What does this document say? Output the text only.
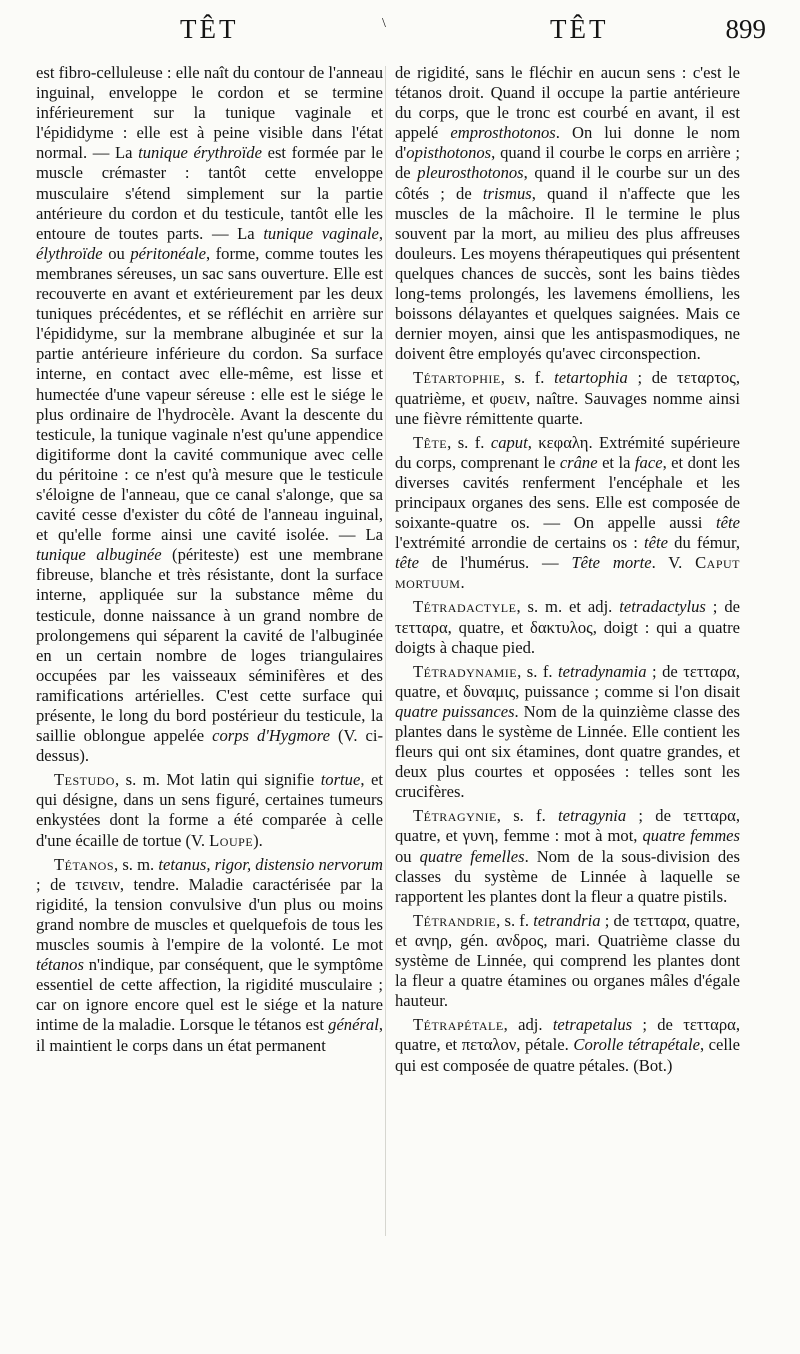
TÊT	\	TÊT	899

est fibro-celluleuse : elle naît du contour de l'anneau inguinal, enveloppe le cordon et se termine inférieurement sur la tunique vaginale et l'épididyme : elle est à peine visible dans l'état normal. — La tunique érythroïde est formée par le muscle crémaster : tantôt cette enveloppe musculaire s'étend simplement sur la partie antérieure du cordon et du testicule, tantôt elle les entoure de toutes parts. — La tunique vaginale, élythroïde ou péritonéale, forme, comme toutes les membranes séreuses, un sac sans ouverture. Elle est recouverte en avant et extérieurement par les deux tuniques précédentes, et se réfléchit en arrière sur l'épididyme, sur la membrane albuginée et sur la partie antérieure inférieure du cordon. Sa surface interne, en contact avec elle-même, est lisse et humectée d'une vapeur séreuse : elle est le siége le plus ordinaire de l'hydrocèle. Avant la descente du testicule, la tunique vaginale n'est qu'une appendice digitiforme dont la cavité communique avec celle du péritoine : ce n'est qu'à mesure que le testicule s'éloigne de l'anneau, que ce canal s'alonge, que sa cavité cesse d'exister du côté de l'anneau inguinal, et qu'elle forme ainsi une cavité isolée. — La tunique albuginée (périteste) est une membrane fibreuse, blanche et très résistante, dont la surface interne, appliquée sur la substance même du testicule, donne naissance à un grand nombre de prolongemens qui séparent la cavité de l'albuginée en un certain nombre de loges triangulaires occupées par les vaisseaux séminifères et des ramifications artérielles. C'est cette surface qui présente, le long du bord postérieur du testicule, la saillie oblongue appelée corps d'Hygmore (V. ci-dessus).

Testudo, s. m. Mot latin qui signifie tortue, et qui désigne, dans un sens figuré, certaines tumeurs enkystées dont la forme a été comparée à celle d'une écaille de tortue (V. Loupe).

Tétanos, s. m. tetanus, rigor, distensio nervorum ; de τεινειν, tendre. Maladie caractérisée par la rigidité, la tension convulsive d'un plus ou moins grand nombre de muscles et quelquefois de tous les muscles soumis à l'empire de la volonté. Le mot tétanos n'indique, par conséquent, que le symptôme essentiel de cette affection, la rigidité musculaire ; car on ignore encore quel est le siége et la nature intime de la maladie. Lorsque le tétanos est général, il maintient le corps dans un état permanent

de rigidité, sans le fléchir en aucun sens : c'est le tétanos droit. Quand il occupe la partie antérieure du corps, que le tronc est courbé en avant, il est appelé emprosthotonos. On lui donne le nom d'opisthotonos, quand il courbe le corps en arrière ; de pleurosthotonos, quand il le courbe sur un des côtés ; de trismus, quand il n'affecte que les muscles de la mâchoire. Il le termine le plus souvent par la mort, au milieu des plus affreuses douleurs. Les moyens thérapeutiques qui présentent quelques chances de succès, sont les bains tièdes long-tems prolongés, les lavemens émolliens, les boissons délayantes et quelques saignées. Mais ce dernier moyen, ainsi que les antispasmodiques, ne doivent être employés qu'avec circonspection.

Tétartophie, s. f. tetartophia ; de τεταρτος, quatrième, et φυειν, naître. Sauvages nomme ainsi une fièvre rémittente quarte.

Tête, s. f. caput, κεφαλη. Extrémité supérieure du corps, comprenant le crâne et la face, et dont les diverses cavités renferment l'encéphale et les principaux organes des sens. Elle est composée de soixante-quatre os. — On appelle aussi tête l'extrémité arrondie de certains os : tête du fémur, tête de l'humérus. — Tête morte. V. Caput mortuum.

Tétradactyle, s. m. et adj. tetradactylus ; de τετταρα, quatre, et δακτυλος, doigt : qui a quatre doigts à chaque pied.

Tétradynamie, s. f. tetradynamia ; de τετταρα, quatre, et δυναμις, puissance ; comme si l'on disait quatre puissances. Nom de la quinzième classe des plantes dans le système de Linnée. Elle contient les fleurs qui ont six étamines, dont quatre grandes, et deux plus courtes et opposées : telles sont les crucifères.

Tétragynie, s. f. tetragynia ; de τετταρα, quatre, et γυνη, femme : mot à mot, quatre femmes ou quatre femelles. Nom de la sous-division des classes du système de Linnée à laquelle se rapportent les plantes dont la fleur a quatre pistils.

Tétrandrie, s. f. tetrandria ; de τετταρα, quatre, et ανηρ, gén. ανδρος, mari. Quatrième classe du système de Linnée, qui comprend les plantes dont la fleur a quatre étamines ou organes mâles d'égale hauteur.

Tétrapétale, adj. tetrapetalus ; de τετταρα, quatre, et πεταλον, pétale. Corolle tétrapétale, celle qui est composée de quatre pétales. (Bot.)
